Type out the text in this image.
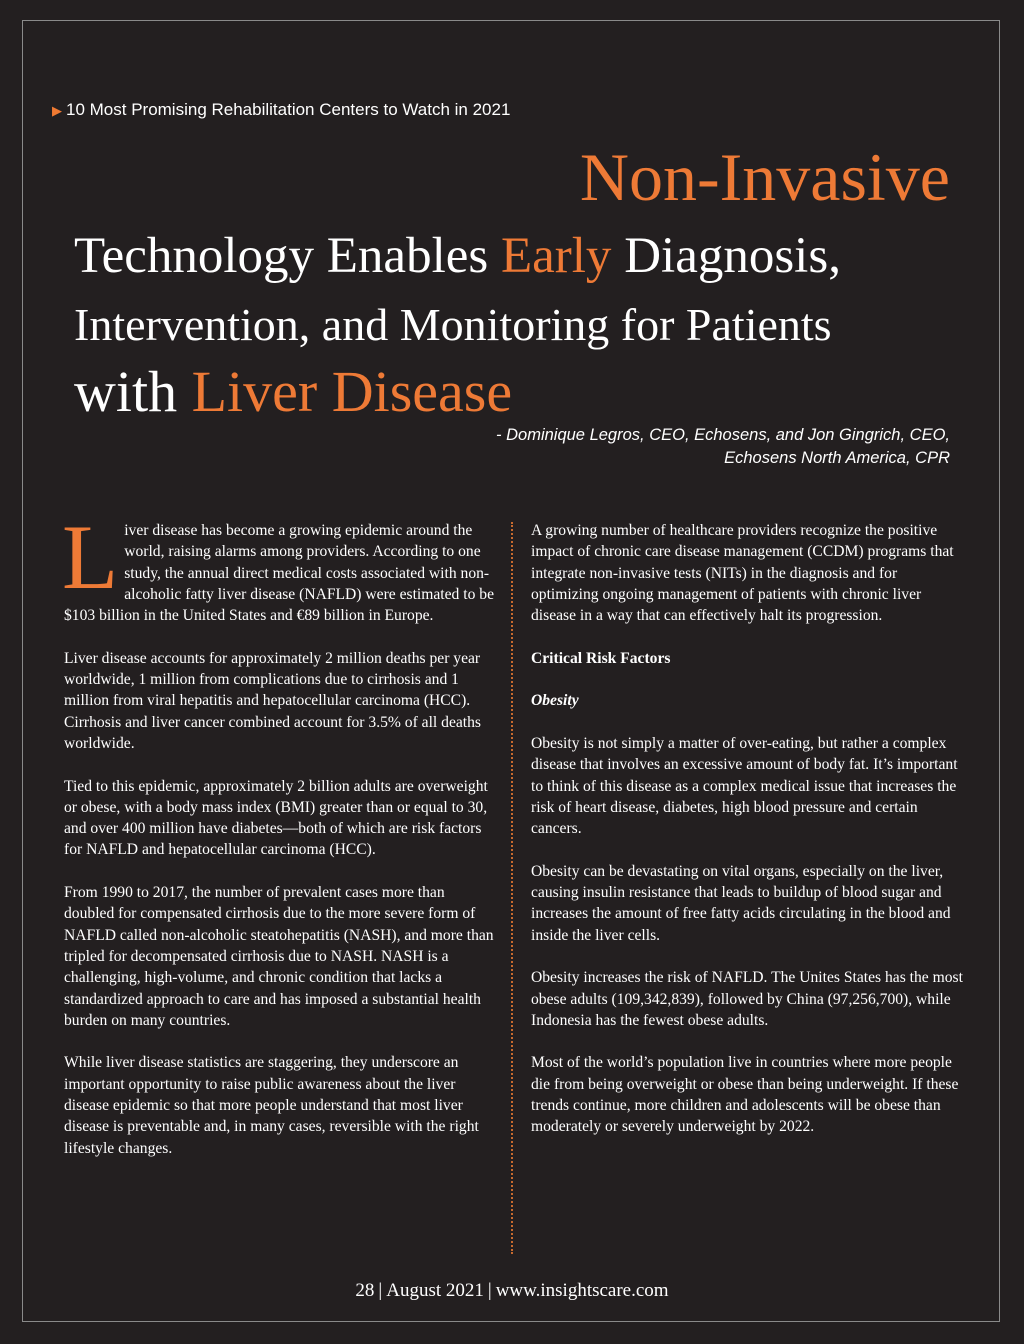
▶ 10 Most Promising Rehabilitation Centers to Watch in 2021
Non-Invasive
Technology Enables Early Diagnosis,
Intervention, and Monitoring for Patients
with Liver Disease
- Dominique Legros, CEO, Echosens, and Jon Gingrich, CEO,
Echosens North America, CPR

Liver disease has become a growing epidemic around the world, raising alarms among providers. According to one study, the annual direct medical costs associated with non-alcoholic fatty liver disease (NAFLD) were estimated to be $103 billion in the United States and €89 billion in Europe.

Liver disease accounts for approximately 2 million deaths per year worldwide, 1 million from complications due to cirrhosis and 1 million from viral hepatitis and hepatocellular carcinoma (HCC). Cirrhosis and liver cancer combined account for 3.5% of all deaths worldwide.

Tied to this epidemic, approximately 2 billion adults are overweight or obese, with a body mass index (BMI) greater than or equal to 30, and over 400 million have diabetes—both of which are risk factors for NAFLD and hepatocellular carcinoma (HCC).

From 1990 to 2017, the number of prevalent cases more than doubled for compensated cirrhosis due to the more severe form of NAFLD called non-alcoholic steatohepatitis (NASH), and more than tripled for decompensated cirrhosis due to NASH. NASH is a challenging, high-volume, and chronic condition that lacks a standardized approach to care and has imposed a substantial health burden on many countries.

While liver disease statistics are staggering, they underscore an important opportunity to raise public awareness about the liver disease epidemic so that more people understand that most liver disease is preventable and, in many cases, reversible with the right lifestyle changes.

A growing number of healthcare providers recognize the positive impact of chronic care disease management (CCDM) programs that integrate non-invasive tests (NITs) in the diagnosis and for optimizing ongoing management of patients with chronic liver disease in a way that can effectively halt its progression.

Critical Risk Factors

Obesity

Obesity is not simply a matter of over-eating, but rather a complex disease that involves an excessive amount of body fat. It’s important to think of this disease as a complex medical issue that increases the risk of heart disease, diabetes, high blood pressure and certain cancers.

Obesity can be devastating on vital organs, especially on the liver, causing insulin resistance that leads to buildup of blood sugar and increases the amount of free fatty acids circulating in the blood and inside the liver cells.

Obesity increases the risk of NAFLD. The Unites States has the most obese adults (109,342,839), followed by China (97,256,700), while Indonesia has the fewest obese adults.

Most of the world’s population live in countries where more people die from being overweight or obese than being underweight. If these trends continue, more children and adolescents will be obese than moderately or severely underweight by 2022.

28 | August 2021 | www.insightscare.com
